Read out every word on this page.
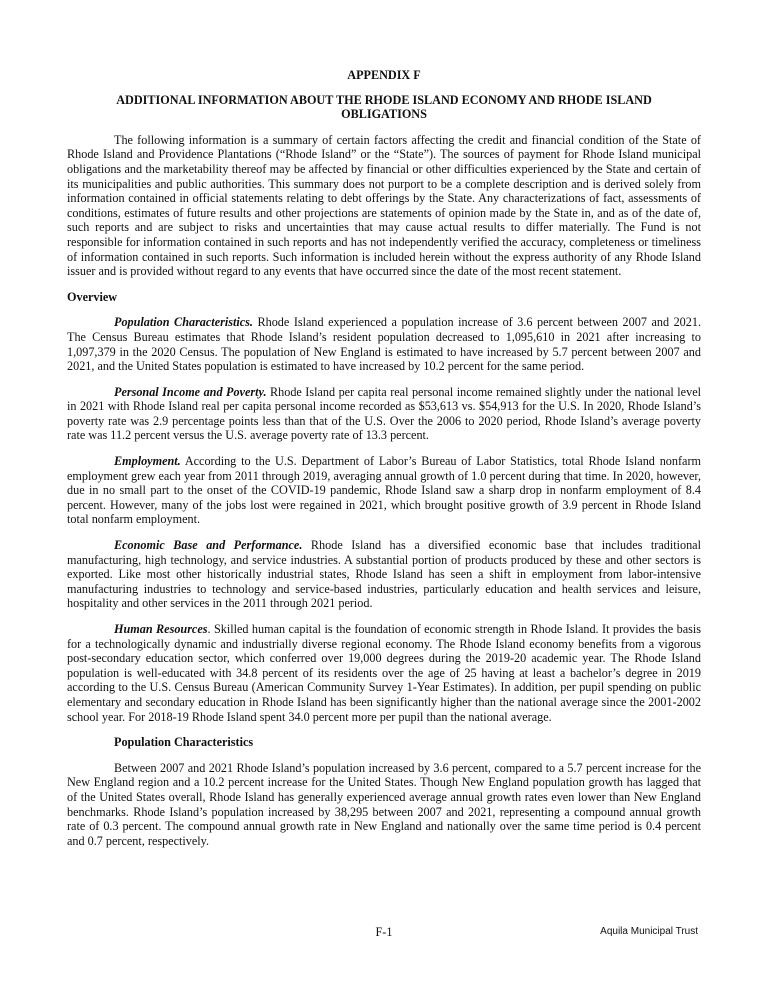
APPENDIX F

ADDITIONAL INFORMATION ABOUT THE RHODE ISLAND ECONOMY AND RHODE ISLAND OBLIGATIONS

The following information is a summary of certain factors affecting the credit and financial condition of the State of Rhode Island and Providence Plantations (“Rhode Island” or the “State”). The sources of payment for Rhode Island municipal obligations and the marketability thereof may be affected by financial or other difficulties experienced by the State and certain of its municipalities and public authorities. This summary does not purport to be a complete description and is derived solely from information contained in official statements relating to debt offerings by the State. Any characterizations of fact, assessments of conditions, estimates of future results and other projections are statements of opinion made by the State in, and as of the date of, such reports and are subject to risks and uncertainties that may cause actual results to differ materially. The Fund is not responsible for information contained in such reports and has not independently verified the accuracy, completeness or timeliness of information contained in such reports. Such information is included herein without the express authority of any Rhode Island issuer and is provided without regard to any events that have occurred since the date of the most recent statement.

Overview

Population Characteristics. Rhode Island experienced a population increase of 3.6 percent between 2007 and 2021. The Census Bureau estimates that Rhode Island’s resident population decreased to 1,095,610 in 2021 after increasing to 1,097,379 in the 2020 Census. The population of New England is estimated to have increased by 5.7 percent between 2007 and 2021, and the United States population is estimated to have increased by 10.2 percent for the same period.

Personal Income and Poverty. Rhode Island per capita real personal income remained slightly under the national level in 2021 with Rhode Island real per capita personal income recorded as $53,613 vs. $54,913 for the U.S. In 2020, Rhode Island’s poverty rate was 2.9 percentage points less than that of the U.S. Over the 2006 to 2020 period, Rhode Island’s average poverty rate was 11.2 percent versus the U.S. average poverty rate of 13.3 percent.

Employment. According to the U.S. Department of Labor’s Bureau of Labor Statistics, total Rhode Island nonfarm employment grew each year from 2011 through 2019, averaging annual growth of 1.0 percent during that time. In 2020, however, due in no small part to the onset of the COVID-19 pandemic, Rhode Island saw a sharp drop in nonfarm employment of 8.4 percent. However, many of the jobs lost were regained in 2021, which brought positive growth of 3.9 percent in Rhode Island total nonfarm employment.

Economic Base and Performance. Rhode Island has a diversified economic base that includes traditional manufacturing, high technology, and service industries. A substantial portion of products produced by these and other sectors is exported. Like most other historically industrial states, Rhode Island has seen a shift in employment from labor-intensive manufacturing industries to technology and service-based industries, particularly education and health services and leisure, hospitality and other services in the 2011 through 2021 period.

Human Resources. Skilled human capital is the foundation of economic strength in Rhode Island. It provides the basis for a technologically dynamic and industrially diverse regional economy. The Rhode Island economy benefits from a vigorous post-secondary education sector, which conferred over 19,000 degrees during the 2019-20 academic year. The Rhode Island population is well-educated with 34.8 percent of its residents over the age of 25 having at least a bachelor’s degree in 2019 according to the U.S. Census Bureau (American Community Survey 1-Year Estimates). In addition, per pupil spending on public elementary and secondary education in Rhode Island has been significantly higher than the national average since the 2001-2002 school year. For 2018-19 Rhode Island spent 34.0 percent more per pupil than the national average.

Population Characteristics

Between 2007 and 2021 Rhode Island’s population increased by 3.6 percent, compared to a 5.7 percent increase for the New England region and a 10.2 percent increase for the United States. Though New England population growth has lagged that of the United States overall, Rhode Island has generally experienced average annual growth rates even lower than New England benchmarks. Rhode Island’s population increased by 38,295 between 2007 and 2021, representing a compound annual growth rate of 0.3 percent. The compound annual growth rate in New England and nationally over the same time period is 0.4 percent and 0.7 percent, respectively.

F-1	Aquila Municipal Trust
